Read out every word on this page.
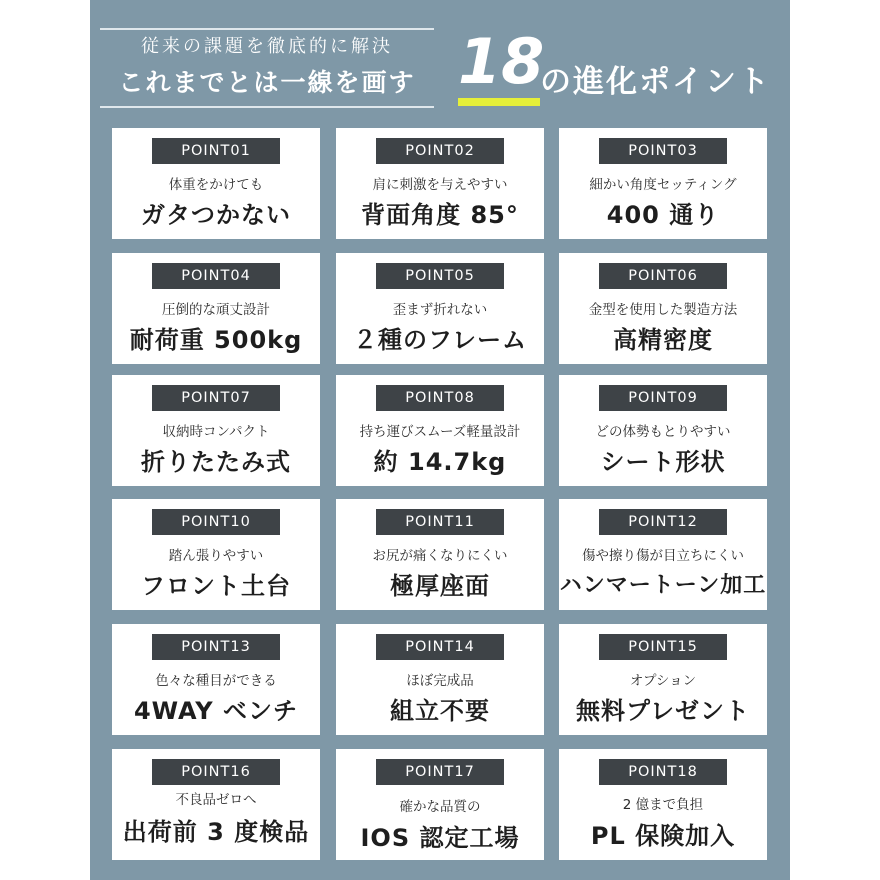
従来の課題を徹底的に解決
これまでとは一線を画す 18
の進化ポイント
POINT01
体重をかけても
ガタつかない
POINT02
肩に刺激を与えやすい
背面角度 85°
POINT03
細かい角度セッティング
400 通り
POINT04
圧倒的な頑丈設計
耐荷重 500kg
POINT05
歪まず折れない
２種のフレーム
POINT06
金型を使用した製造方法
高精密度
POINT07
収納時コンパクト
折りたたみ式
POINT08
持ち運びスムーズ軽量設計
約 14.7kg
POINT09
どの体勢もとりやすい
シート形状
POINT10
踏ん張りやすい
フロント土台
POINT11
お尻が痛くなりにくい
極厚座面
POINT12
傷や擦り傷が目立ちにくい
ハンマートーン加工
POINT13
色々な種目ができる
4WAY ベンチ
POINT14
ほぼ完成品
組立不要
POINT15
オプション
無料プレゼント
POINT16
不良品ゼロへ
出荷前 3 度検品
POINT17
確かな品質の
IOS 認定工場
POINT18
2 億まで負担
PL 保険加入
